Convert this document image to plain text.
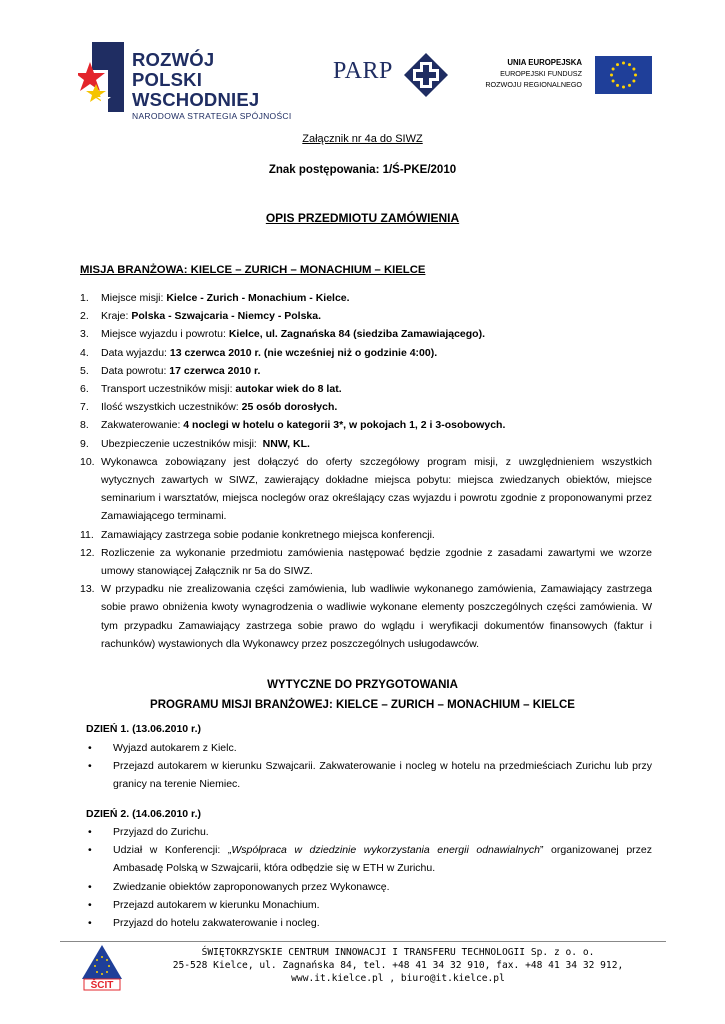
ROZWÓJ
POLSKI WSCHODNIEJ
NARODOWA STRATEGIA SPÓJNOŚCI
PARP	UNIA EUROPEJSKA
EUROPEJSKI FUNDUSZ
ROZWOJU REGIONALNEGO
Załącznik nr 4a do SIWZ
Znak postępowania: 1/Ś-PKE/2010
OPIS PRZEDMIOTU ZAMÓWIENIA
MISJA BRANŻOWA: KIELCE – ZURICH – MONACHIUM – KIELCE
1. Miejsce misji: Kielce - Zurich - Monachium - Kielce.
2. Kraje: Polska - Szwajcaria - Niemcy - Polska.
3. Miejsce wyjazdu i powrotu: Kielce, ul. Zagnańska 84 (siedziba Zamawiającego).
4. Data wyjazdu: 13 czerwca 2010 r. (nie wcześniej niż o godzinie 4:00).
5. Data powrotu: 17 czerwca 2010 r.
6. Transport uczestników misji: autokar wiek do 8 lat.
7. Ilość wszystkich uczestników: 25 osób dorosłych.
8. Zakwaterowanie: 4 noclegi w hotelu o kategorii 3*, w pokojach 1, 2 i 3-osobowych.
9. Ubezpieczenie uczestników misji:  NNW, KL.
10. Wykonawca zobowiązany jest dołączyć do oferty szczegółowy program misji, z uwzględnieniem wszystkich wytycznych zawartych w SIWZ, zawierający dokładne miejsca pobytu: miejsca zwiedzanych obiektów, miejsce seminarium i warsztatów, miejsca noclegów oraz określający czas wyjazdu i powrotu zgodnie z proponowanymi przez Zamawiającego terminami.
11. Zamawiający zastrzega sobie podanie konkretnego miejsca konferencji.
12. Rozliczenie za wykonanie przedmiotu zamówienia następować będzie zgodnie z zasadami zawartymi we wzorze umowy stanowiącej Załącznik nr 5a do SIWZ.
13. W przypadku nie zrealizowania części zamówienia, lub wadliwie wykonanego zamówienia, Zamawiający zastrzega sobie prawo obniżenia kwoty wynagrodzenia o wadliwie wykonane elementy poszczególnych części zamówienia. W tym przypadku Zamawiający zastrzega sobie prawo do wglądu i weryfikacji dokumentów finansowych (faktur i rachunków) wystawionych dla Wykonawcy przez poszczególnych usługodawców.
WYTYCZNE DO PRZYGOTOWANIA
PROGRAMU MISJI BRANŻOWEJ: KIELCE – ZURICH – MONACHIUM – KIELCE
DZIEŃ 1. (13.06.2010 r.)
• Wyjazd autokarem z Kielc.
• Przejazd autokarem w kierunku Szwajcarii. Zakwaterowanie i nocleg w hotelu na przedmieściach Zurichu lub przy granicy na terenie Niemiec.
DZIEŃ 2. (14.06.2010 r.)
• Przyjazd do Zurichu.
• Udział w Konferencji: „Współpraca w dziedzinie wykorzystania energii odnawialnych” organizowanej przez Ambasadę Polską w Szwajcarii, która odbędzie się w ETH w Zurichu.
• Zwiedzanie obiektów zaproponowanych przez Wykonawcę.
• Przejazd autokarem w kierunku Monachium.
• Przyjazd do hotelu zakwaterowanie i nocleg.
ŠCIT
ŚWIĘTOKRZYSKIE CENTRUM INNOWACJI I TRANSFERU TECHNOLOGII Sp. z o. o.
25-528 Kielce, ul. Zagnańska 84, tel. +48 41 34 32 910, fax. +48 41 34 32 912,
www.it.kielce.pl , biuro@it.kielce.pl
